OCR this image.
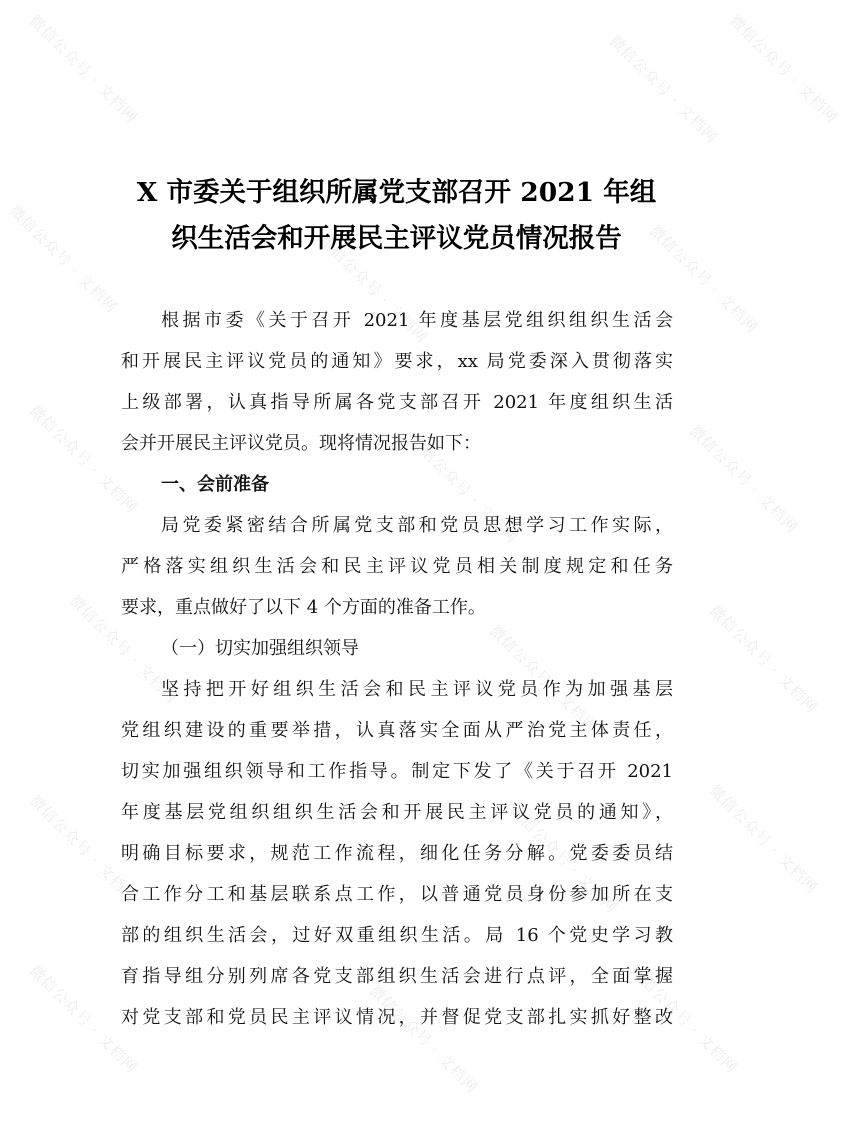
微信公众号 · 文档网	微信公众号 · 文档网 微信公众号 · 文档网
微信公众号 · 文档网	微信公众号 · 文档网	微信公众号 · 文档网
微信公众号 · 文档网	微信公众号 · 文档网	微信公众号 · 文档网
微信公众号 · 文档网	微信公众号 · 文档网	微信公众号 · 文档网
微信公众号 · 文档网	微信公众号 · 文档网	微信公众号 · 文档网
微信公众号 · 文档网	微信公众号 · 文档网	微信公众号 · 文档网
X 市委关于组织所属党支部召开 2021 年组
织生活会和开展民主评议党员情况报告
根据市委《关于召开 2021 年度基层党组织组织生活会
和开展民主评议党员的通知》要求，xx 局党委深入贯彻落实
上级部署，认真指导所属各党支部召开 2021 年度组织生活
会并开展民主评议党员。现将情况报告如下：
一、会前准备
局党委紧密结合所属党支部和党员思想学习工作实际，
严格落实组织生活会和民主评议党员相关制度规定和任务
要求，重点做好了以下 4 个方面的准备工作。
（一）切实加强组织领导
坚持把开好组织生活会和民主评议党员作为加强基层
党组织建设的重要举措，认真落实全面从严治党主体责任，
切实加强组织领导和工作指导。制定下发了《关于召开 2021
年度基层党组织组织生活会和开展民主评议党员的通知》，
明确目标要求，规范工作流程，细化任务分解。党委委员结
合工作分工和基层联系点工作，以普通党员身份参加所在支
部的组织生活会，过好双重组织生活。局 16 个党史学习教
育指导组分别列席各党支部组织生活会进行点评，全面掌握
对党支部和党员民主评议情况，并督促党支部扎实抓好整改
